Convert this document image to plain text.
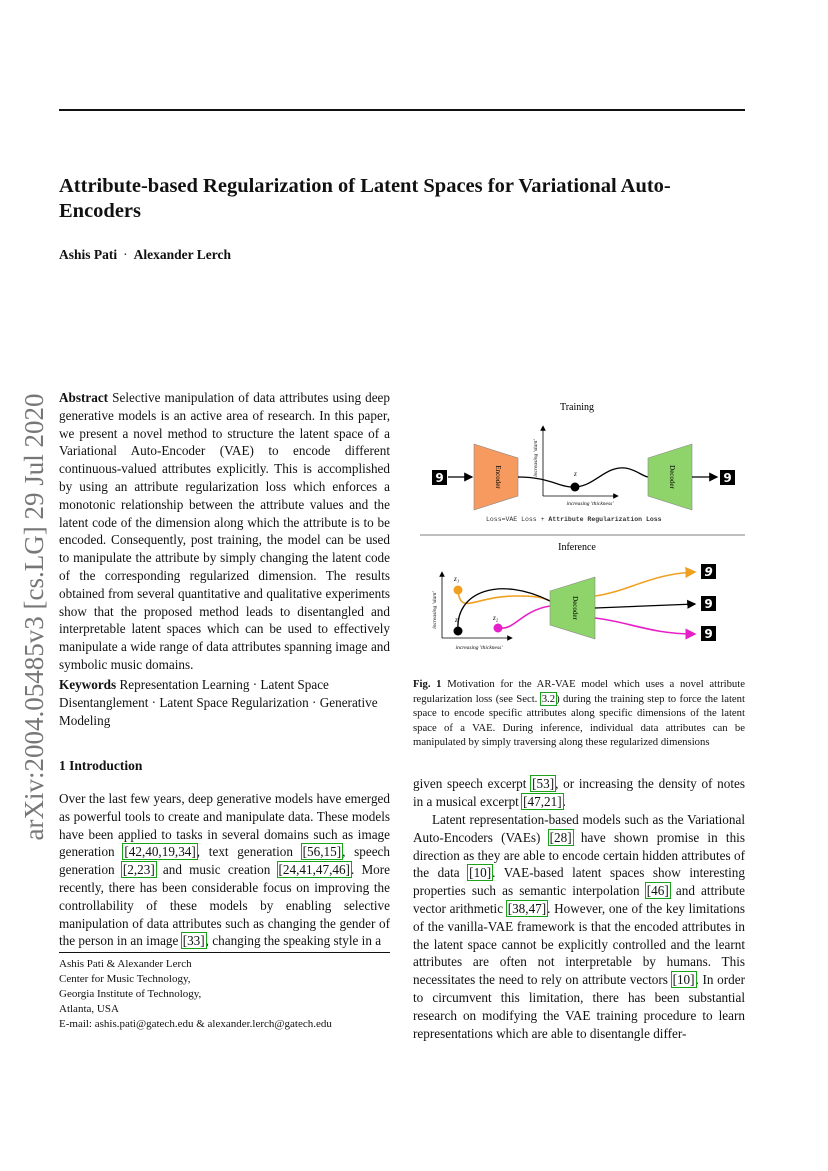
Attribute-based Regularization of Latent Spaces for Variational Auto-Encoders
Ashis Pati · Alexander Lerch
arXiv:2004.05485v3 [cs.LG] 29 Jul 2020 Abstract Selective manipulation of data attributes using deep generative models is an active area of research. In this paper, we present a novel method to structure the latent space of a Variational Auto-Encoder (VAE) to encode different continuous-valued attributes explicitly. This is accomplished by using an attribute regularization loss which enforces a monotonic relationship between the attribute values and the latent code of the dimension along which the attribute is to be encoded. Consequently, post training, the model can be used to manipulate the attribute by simply changing the latent code of the corresponding regularized dimension. The results obtained from several quantitative and qualitative experiments show that the proposed method leads to disentangled and interpretable latent spaces which can be used to effectively manipulate a wide range of data attributes spanning image and symbolic music domains.
Keywords Representation Learning · Latent Space Disentanglement · Latent Space Regularization · Generative Modeling
1 Introduction
Over the last few years, deep generative models have emerged as powerful tools to create and manipulate data. These models have been applied to tasks in several domains such as image generation [42,40,19,34], text generation [56,15], speech generation [2,23] and music creation [24,41,47,46]. More recently, there has been considerable focus on improving the controllability of these models by enabling selective manipulation of data attributes such as changing the gender of the person in an image [33], changing the speaking style in a
Ashis Pati & Alexander Lerch
Center for Music Technology,
Georgia Institute of Technology,
Atlanta, USA
E-mail: ashis.pati@gatech.edu & alexander.lerch@gatech.edu
Training
9	Encoder
increasing 'slant'
increasing 'thickness'
z	Decoder	9
Loss=VAE Loss + Attribute Regularization Loss
Inference
increasing 'slant'
increasing 'thickness'
z₁
z	z₂	Decoder
9
9
9
Fig. 1 Motivation for the AR-VAE model which uses a novel attribute regularization loss (see Sect. 3.2) during the training step to force the latent space to encode specific attributes along specific dimensions of the latent space of a VAE. During inference, individual data attributes can be manipulated by simply traversing along these regularized dimensions
given speech excerpt [53], or increasing the density of notes in a musical excerpt [47,21].
Latent representation-based models such as the Variational Auto-Encoders (VAEs) [28] have shown promise in this direction as they are able to encode certain hidden attributes of the data [10]. VAE-based latent spaces show interesting properties such as semantic interpolation [46] and attribute vector arithmetic [38,47]. However, one of the key limitations of the vanilla-VAE framework is that the encoded attributes in the latent space cannot be explicitly controlled and the learnt attributes are often not interpretable by humans. This necessitates the need to rely on attribute vectors [10]. In order to circumvent this limitation, there has been substantial research on modifying the VAE training procedure to learn representations which are able to disentangle differ-
